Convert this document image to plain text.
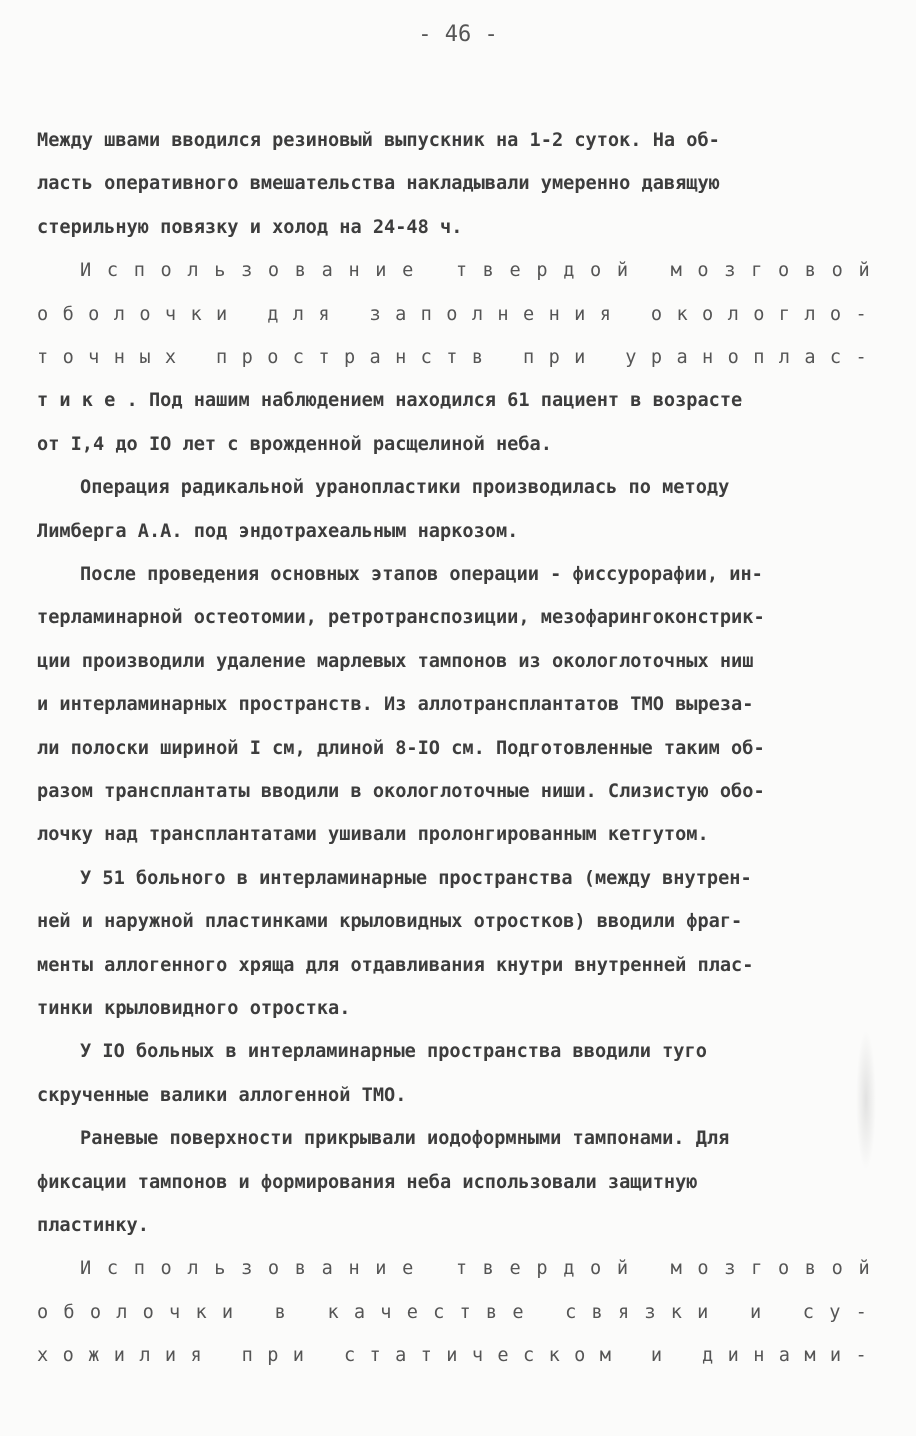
- 46 -
Между швами вводился резиновый выпускник на 1-2 суток. На об-
ласть оперативного вмешательства накладывали умеренно давящую
стерильную повязку и холод на 24-48 ч.
И с п о л ь з о в а н и е
т в е р д о й
м о з г о в о й
о б о л о ч к и
д л я
з а п о л н е н и я
о к о л о г л о -
т о ч н ы х
п р о с т р а н с т в
п р и
у р а н о п л а с -
т и к е . Под нашим наблюдением находился 61 пациент в возрасте
от I,4 до IO лет с врожденной расщелиной неба.
Операция радикальной уранопластики производилась по методу
Лимберга А.А. под эндотрахеальным наркозом.
После проведения основных этапов операции - фиссурорафии, ин-
терламинарной остеотомии, ретротранспозиции, мезофарингоконстрик-
ции производили удаление марлевых тампонов из окологлоточных ниш
и интерламинарных пространств. Из аллотрансплантатов ТМО выреза-
ли полоски шириной I см, длиной 8-IO см. Подготовленные таким об-
разом трансплантаты вводили в окологлоточные ниши. Слизистую обо-
лочку над трансплантатами ушивали пролонгированным кетгутом.
У 51 больного в интерламинарные пространства (между внутрен-
ней и наружной пластинками крыловидных отростков) вводили фраг-
менты аллогенного хряща для отдавливания кнутри внутренней плас-
тинки крыловидного отростка.
У IO больных в интерламинарные пространства вводили туго
скрученные валики аллогенной ТМО.
Раневые поверхности прикрывали иодоформными тампонами. Для
фиксации тампонов и формирования неба использовали защитную
пластинку.
И с п о л ь з о в а н и е
т в е р д о й
м о з г о в о й
о б о л о ч к и
в
к а ч е с т в е
с в я з к и
и
с у -
х о ж и л и я
п р и
с т а т и ч е с к о м
и
д и н а м и -
